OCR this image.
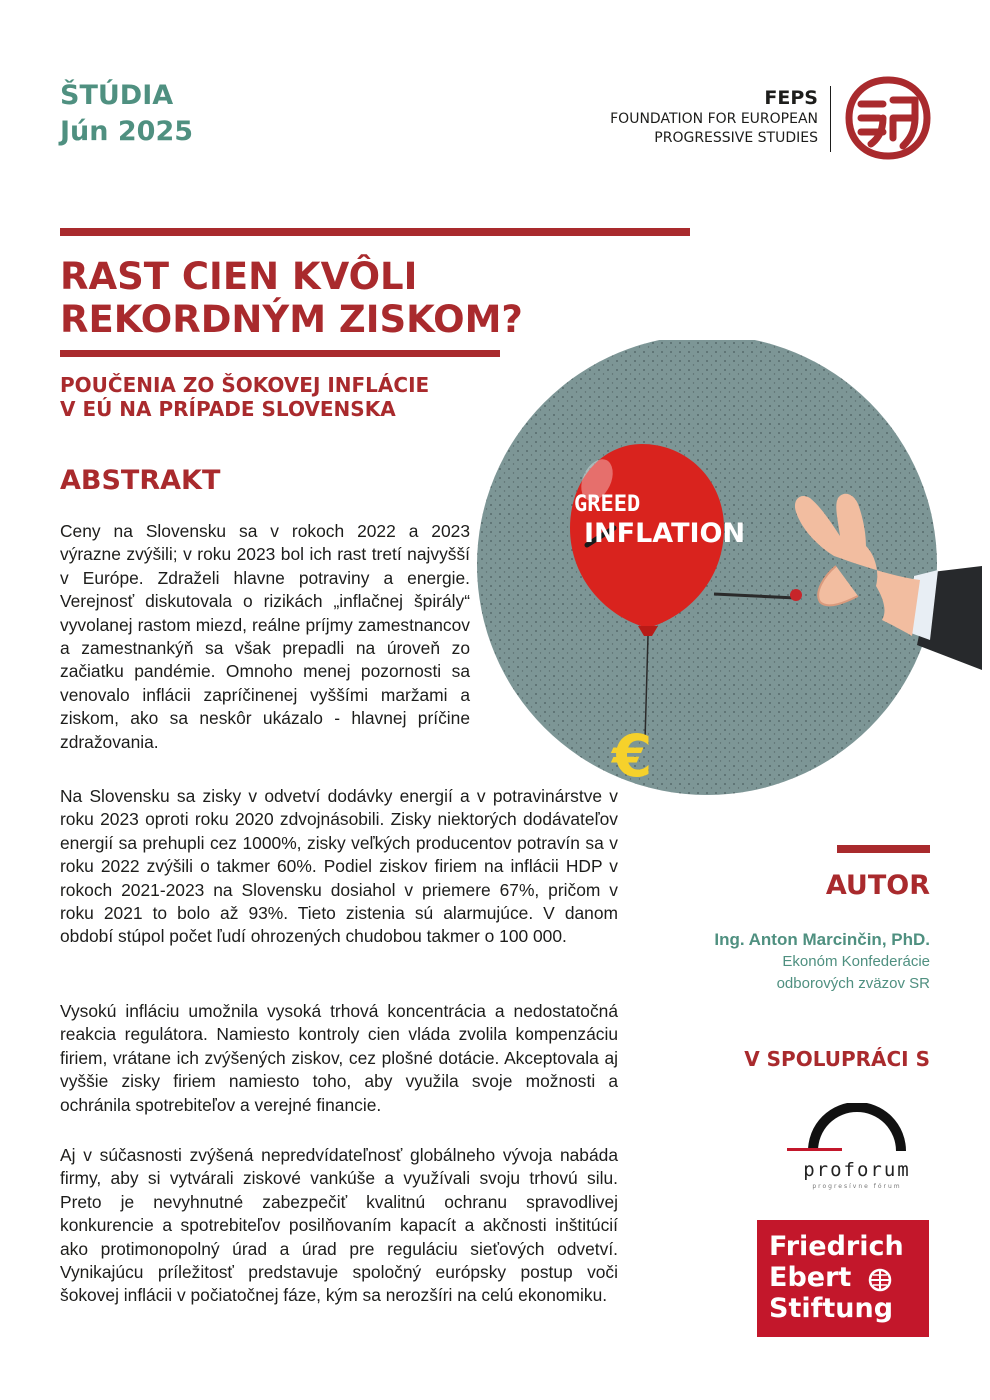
ŠTÚDIA
Jún 2025
FEPS
FOUNDATION FOR EUROPEAN
PROGRESSIVE STUDIES
RAST CIEN KVÔLI
REKORDNÝM ZISKOM?
POUČENIA ZO ŠOKOVEJ INFLÁCIE
V EÚ NA PRÍPADE SLOVENSKA
GREED
INFLATION
€
ABSTRAKT

Ceny na Slovensku sa v rokoch 2022 a 2023 výrazne zvýšili; v roku 2023 bol ich rast tretí najvyšší v Európe. Zdraželi hlavne potraviny a energie. Verejnosť diskutovala o rizikách „inflačnej špirály“ vyvolanej rastom miezd, reálne príjmy zamestnancov a zamestnankýň sa však prepadli na úroveň zo začiatku pandémie. Omnoho menej pozornosti sa venovalo inflácii zapríčinenej vyššími maržami a ziskom, ako sa neskôr ukázalo - hlavnej príčine zdražovania.

Na Slovensku sa zisky v odvetví dodávky energií a v potravinárstve v roku 2023 oproti roku 2020 zdvojnásobili. Zisky niektorých dodávateľov energií sa prehupli cez 1000%, zisky veľkých producentov potravín sa v roku 2022 zvýšili o takmer 60%. Podiel ziskov firiem na inflácii HDP v rokoch 2021-2023 na Slovensku dosiahol v priemere 67%, pričom v roku 2021 to bolo až 93%. Tieto zistenia sú alarmujúce. V danom období stúpol počet ľudí ohrozených chudobou takmer o 100 000.

Vysokú infláciu umožnila vysoká trhová koncentrácia a nedostatočná reakcia regulátora. Namiesto kontroly cien vláda zvolila kompenzáciu firiem, vrátane ich zvýšených ziskov, cez plošné dotácie. Akceptovala aj vyššie zisky firiem namiesto toho, aby využila svoje možnosti a ochránila spotrebiteľov a verejné financie.

Aj v súčasnosti zvýšená nepredvídateľnosť globálneho vývoja nabáda firmy, aby si vytvárali ziskové vankúše a využívali svoju trhovú silu. Preto je nevyhnutné zabezpečiť kvalitnú ochranu spravodlivej konkurencie a spotrebiteľov posilňovaním kapacít a akčnosti inštitúcií ako protimonopolný úrad a úrad pre reguláciu sieťových odvetví. Vynikajúcu príležitosť predstavuje spoločný európsky postup voči šokovej inflácii v počiatočnej fáze, kým sa nerozšíri na celú ekonomiku.

AUTOR
Ing. Anton Marcinčin, PhD.
Ekonóm Konfederácie
odborových zväzov SR
V SPOLUPRÁCI S
proforum
progresívne fórum
Friedrich
Ebert
Stiftung
